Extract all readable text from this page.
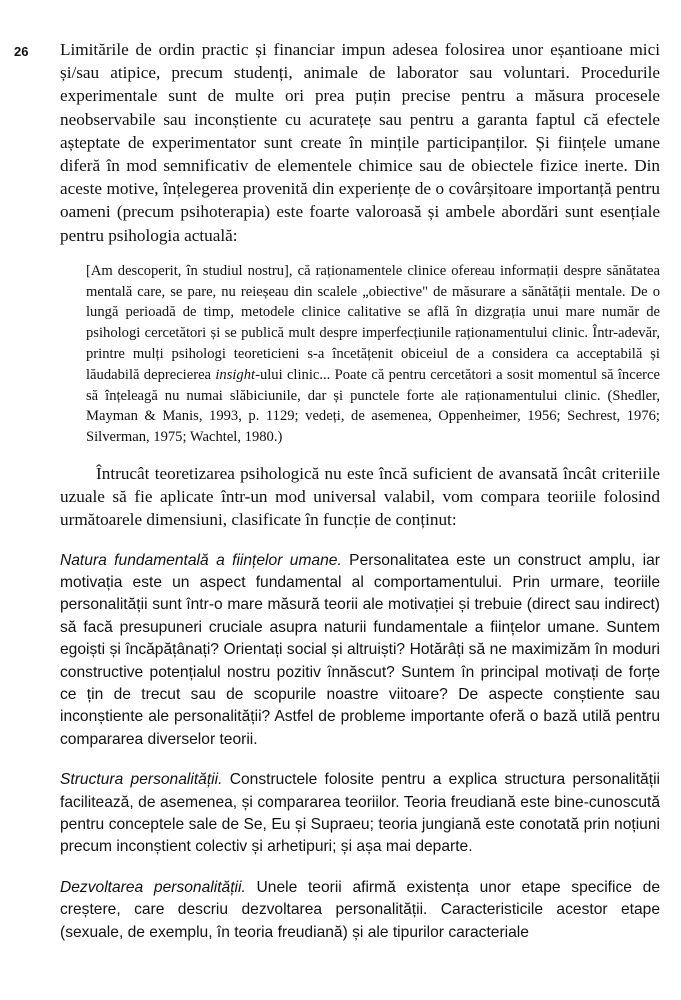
26 Limitările de ordin practic și financiar impun adesea folosirea unor eșantioane mici și/sau atipice, precum studenți, animale de laborator sau voluntari. Procedurile experimentale sunt de multe ori prea puțin precise pentru a măsura procesele neobservabile sau inconștiente cu acuratețe sau pentru a garanta faptul că efectele așteptate de experimentator sunt create în mințile participanților. Și ființele umane diferă în mod semnificativ de elementele chimice sau de obiectele fizice inerte. Din aceste motive, înțelegerea provenită din experiențe de o covârșitoare importanță pentru oameni (precum psihoterapia) este foarte valoroasă și ambele abordări sunt esențiale pentru psihologia actuală:

[Am descoperit, în studiul nostru], că raționamentele clinice ofereau informații despre sănătatea mentală care, se pare, nu reieșeau din scalele „obiective" de măsurare a sănătății mentale. De o lungă perioadă de timp, metodele clinice calitative se află în dizgrația unui mare număr de psihologi cercetători și se publică mult despre imperfecțiunile raționamentului clinic. Într-adevăr, printre mulți psihologi teoreticieni s-a încetățenit obiceiul de a considera ca acceptabilă și lăudabilă deprecierea insight-ului clinic... Poate că pentru cercetători a sosit momentul să încerce să înțeleagă nu numai slăbiciunile, dar și punctele forte ale raționamentului clinic. (Shedler, Mayman & Manis, 1993, p. 1129; vedeți, de asemenea, Oppenheimer, 1956; Sechrest, 1976; Silverman, 1975; Wachtel, 1980.)

Întrucât teoretizarea psihologică nu este încă suficient de avansată încât criteriile uzuale să fie aplicate într-un mod universal valabil, vom compara teoriile folosind următoarele dimensiuni, clasificate în funcție de conținut:

Natura fundamentală a ființelor umane. Personalitatea este un construct amplu, iar motivația este un aspect fundamental al comportamentului. Prin urmare, teoriile personalității sunt într-o mare măsură teorii ale motivației și trebuie (direct sau indirect) să facă presupuneri cruciale asupra naturii fundamentale a ființelor umane. Suntem egoiști și încăpățânați? Orientați social și altruiști? Hotărâți să ne maximizăm în moduri constructive potențialul nostru pozitiv înnăscut? Suntem în principal motivați de forțe ce țin de trecut sau de scopurile noastre viitoare? De aspecte conștiente sau inconștiente ale personalității? Astfel de probleme importante oferă o bază utilă pentru compararea diverselor teorii.

Structura personalității. Constructele folosite pentru a explica structura personalității facilitează, de asemenea, și compararea teoriilor. Teoria freudiană este bine-cunoscută pentru conceptele sale de Se, Eu și Supraeu; teoria jungiană este conotată prin noțiuni precum inconștient colectiv și arhetipuri; și așa mai departe.

Dezvoltarea personalității. Unele teorii afirmă existența unor etape specifice de creștere, care descriu dezvoltarea personalității. Caracteristicile acestor etape (sexuale, de exemplu, în teoria freudiană) și ale tipurilor caracteriale
